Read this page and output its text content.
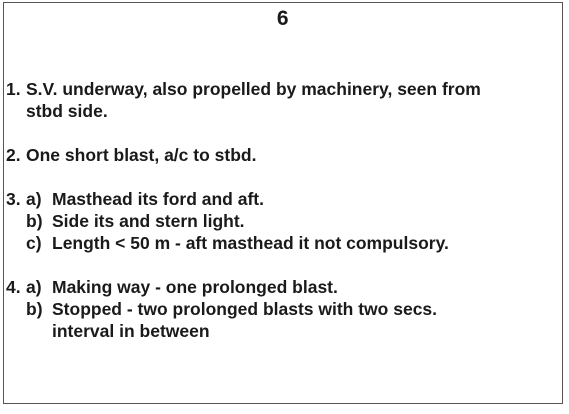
6
1. S.V. underway, also propelled by machinery, seen from
stbd side.
2. One short blast, a/c to stbd.
3. a) Masthead its ford and aft.
b) Side its and stern light.
c) Length < 50 m - aft masthead it not compulsory.
4. a) Making way - one prolonged blast.
b) Stopped - two prolonged blasts with two secs.
interval in between
